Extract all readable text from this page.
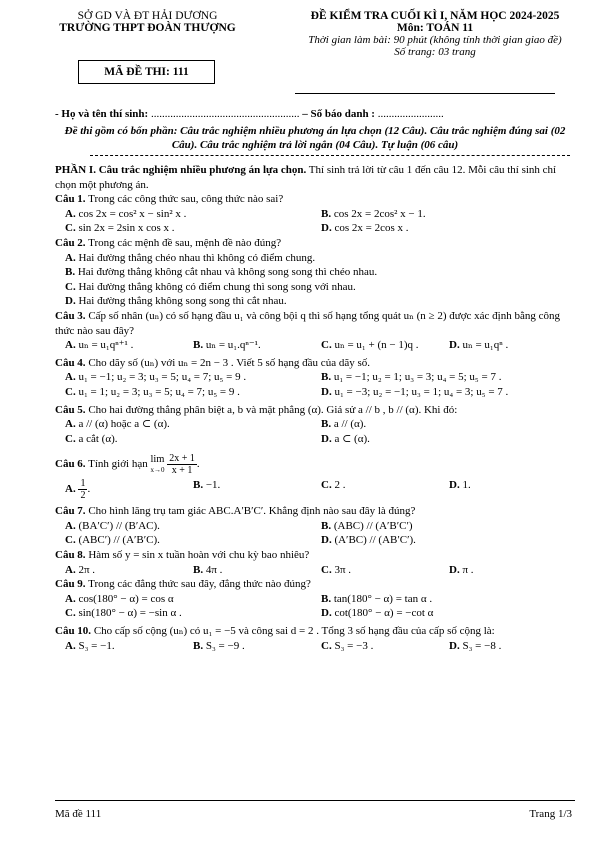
SỞ GD VÀ ĐT HẢI DƯƠNG
TRƯỜNG THPT ĐOÀN THƯỢNG
MÃ ĐỀ THI: 111
ĐỀ KIỂM TRA CUỐI KÌ I, NĂM HỌC 2024-2025
Môn: TOÁN 11
Thời gian làm bài: 90 phút (không tính thời gian giao đề)
Số trang: 03 trang
- Họ và tên thí sinh: ...................................................... – Số báo danh : ........................
Đề thi gồm có bốn phần: Câu trắc nghiệm nhiều phương án lựa chọn (12 Câu). Câu trắc nghiệm đúng sai (02 Câu). Câu trắc nghiệm trả lời ngắn (04 Câu). Tự luận (06 câu)

PHẦN I. Câu trắc nghiệm nhiều phương án lựa chọn. Thí sinh trả lời từ câu 1 đến câu 12. Mỗi câu thí sinh chỉ chọn một phương án.

Câu 1. Trong các công thức sau, công thức nào sai?

A. cos 2x = cos² x − sin² x .	B. cos 2x = 2cos² x − 1.
C. sin 2x = 2sin x cos x .	D. cos 2x = 2cos x .

Câu 2. Trong các mệnh đề sau, mệnh đề nào đúng?

A. Hai đường thẳng chéo nhau thì không có điểm chung.
B. Hai đường thẳng không cắt nhau và không song song thì chéo nhau.
C. Hai đường thẳng không có điểm chung thì song song với nhau.
D. Hai đường thẳng không song song thì cắt nhau.

Câu 3. Cấp số nhân (uₙ) có số hạng đầu u₁ và công bội q thì số hạng tổng quát uₙ (n ≥ 2) được xác định bằng công thức nào sau đây?

A. uₙ = u₁qⁿ⁺¹ .	B. uₙ = u₁.qⁿ⁻¹.	C. uₙ = u₁ + (n − 1)q .	D. uₙ = u₁qⁿ .

Câu 4. Cho dãy số (uₙ) với uₙ = 2n − 3 . Viết 5 số hạng đầu của dãy số.

A. u₁ = −1; u₂ = 3; u₃ = 5; u₄ = 7; u₅ = 9 .	B. u₁ = −1; u₂ = 1; u₃ = 3; u₄ = 5; u₅ = 7 .
C. u₁ = 1; u₂ = 3; u₃ = 5; u₄ = 7; u₅ = 9 .	D. u₁ = −3; u₂ = −1; u₃ = 1; u₄ = 3; u₅ = 7 .

Câu 5. Cho hai đường thẳng phân biệt a, b và mặt phẳng (α). Giả sử a // b , b // (α). Khi đó:

A. a // (α) hoặc a ⊂ (α).	B. a // (α).
C. a cắt (α).	D. a ⊂ (α).

Câu 6. Tính giới hạn lim
x→0
$\frac{2x + 1}{x + 1}$ .

A. $\frac{1}{2}$ .	B. −1.	C. 2 .	D. 1.

Câu 7. Cho hình lăng trụ tam giác ABC.A′B′C′. Khẳng định nào sau đây là đúng?

A. (BA′C′) // (B′AC).	B. (ABC) // (A′B′C′)
C. (ABC′) // (A′B′C).	D. (A′BC) // (AB′C′).

Câu 8. Hàm số y = sin x tuần hoàn với chu kỳ bao nhiêu?

A. 2π .	B. 4π .	C. 3π .	D. π .

Câu 9. Trong các đẳng thức sau đây, đẳng thức nào đúng?

A. cos(180° − α) = cos α	B. tan(180° − α) = tan α .
C. sin(180° − α) = −sin α .	D. cot(180° − α) = −cot α

Câu 10. Cho cấp số cộng (uₙ) có u₁ = −5 và công sai d = 2 . Tổng 3 số hạng đầu của cấp số cộng là:

A. S₃ = −1.	B. S₃ = −9 .	C. S₃ = −3 .	D. S₃ = −8 .
Mã đề 111	Trang 1/3
